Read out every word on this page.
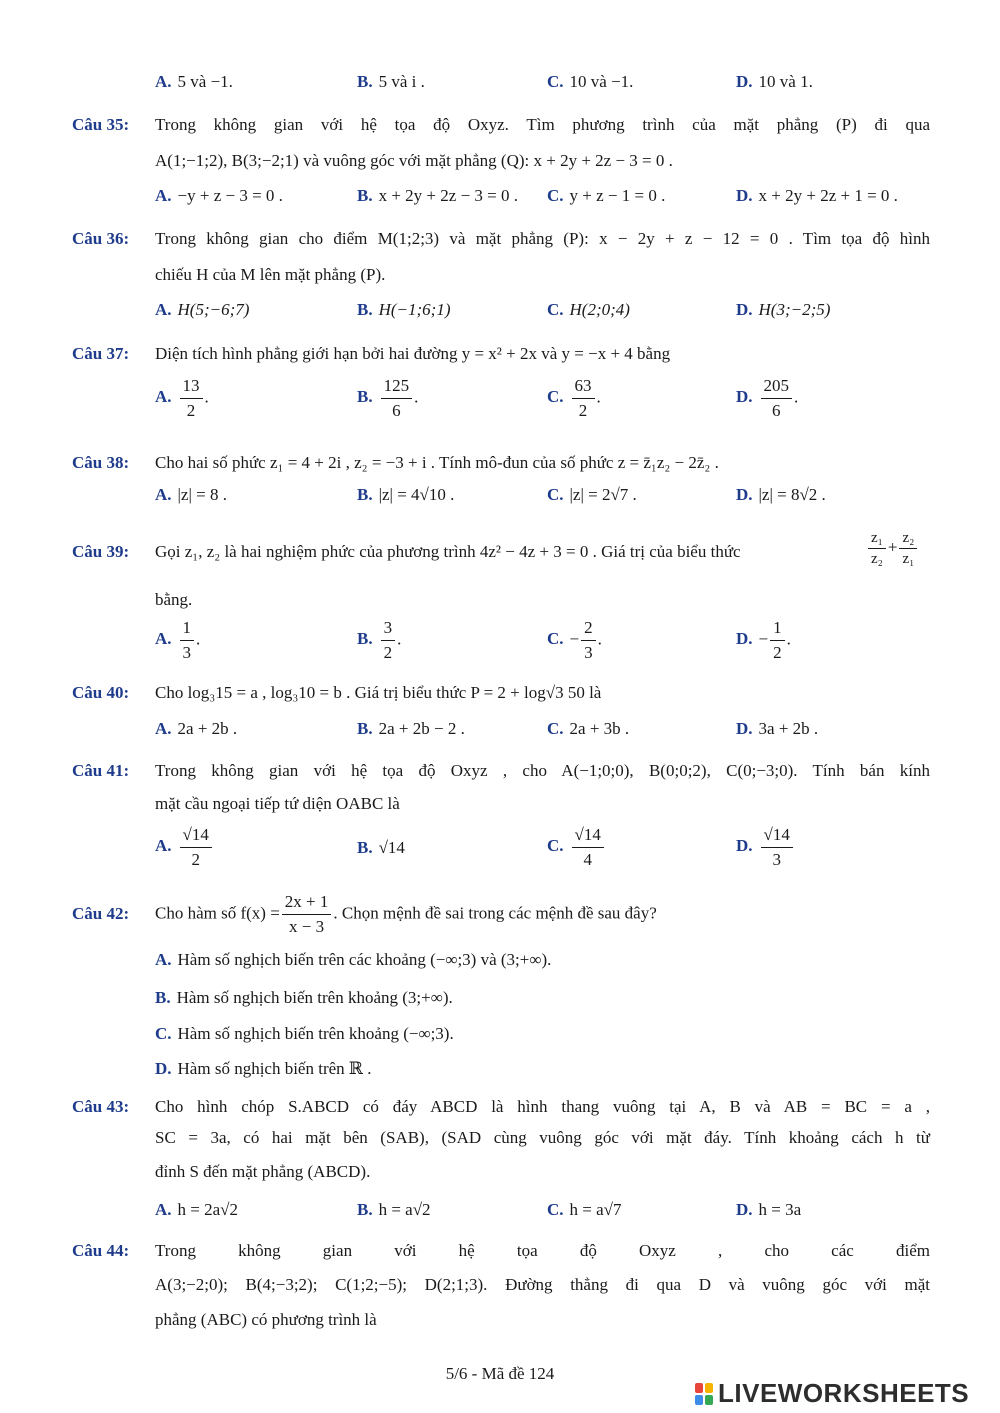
A. 5 và −1.	B. 5 và i .	C. 10 và −1.	D. 10 và 1.
Câu 35: Trong không gian với hệ tọa độ Oxyz. Tìm phương trình của mặt phẳng (P) đi qua
A(1;−1;2), B(3;−2;1) và vuông góc với mặt phẳng (Q): x + 2y + 2z − 3 = 0 .
A. −y + z − 3 = 0 .	B. x + 2y + 2z − 3 = 0 . C. y + z − 1 = 0 .	D. x + 2y + 2z + 1 = 0 .
Câu 36: Trong không gian cho điểm M(1;2;3) và mặt phẳng (P): x − 2y + z − 12 = 0 . Tìm tọa độ hình
chiếu H của M lên mặt phẳng (P).
A. H(5;−6;7)	B. H(−1;6;1)	C. H(2;0;4)	D. H(3;−2;5)
Câu 37: Diện tích hình phẳng giới hạn bởi hai đường y = x² + 2x và y = −x + 4 bằng
A. $\frac{13}{2}$ .	B. $\frac{125}{6}$ .	C. $\frac{63}{2}$ .	D. $\frac{205}{6}$ .
Câu 38: Cho hai số phức z₁ = 4 + 2i , z₂ = −3 + i . Tính mô-đun của số phức z = z̄₁z₂ − 2z̄₂ .
A. |z| = 8 .	B. |z| = 4√10 .	C. |z| = 2√7 .	D. |z| = 8√2 .
Câu 39: Gọi z₁, z₂ là hai nghiệm phức của phương trình 4z² − 4z + 3 = 0 . Giá trị của biểu thức	$\frac{\text{z₁}}{\text{z₂}} + \frac{\text{z₂}}{\text{z₁}}$
bằng.
A. $\frac{1}{3}$ .	B. $\frac{3}{2}$ .	C. − $\frac{2}{3}$ .	D. − $\frac{1}{2}$ .
Câu 40: Cho log₃15 = a , log₃10 = b . Giá trị biểu thức P = 2 + log√3 50 là
A. 2a + 2b .	B. 2a + 2b − 2 .	C. 2a + 3b .	D. 3a + 2b .
Câu 41: Trong không gian với hệ tọa độ Oxyz , cho A(−1;0;0), B(0;0;2), C(0;−3;0). Tính bán kính
mặt cầu ngoại tiếp tứ diện OABC là
A. $\frac{√14}{2}$	B. √14	C. $\frac{√14}{4}$	D. $\frac{√14}{3}$
Câu 42: Cho hàm số $f(x) = \frac{2x + 1}{x - 3}$ . Chọn mệnh đề sai trong các mệnh đề sau đây?
A. Hàm số nghịch biến trên các khoảng (−∞;3) và (3;+∞).
B. Hàm số nghịch biến trên khoảng (3;+∞).
C. Hàm số nghịch biến trên khoảng (−∞;3).
D. Hàm số nghịch biến trên ℝ .
Câu 43: Cho hình chóp S.ABCD có đáy ABCD là hình thang vuông tại A, B và AB = BC = a ,
SC = 3a, có hai mặt bên (SAB), (SAD cùng vuông góc với mặt đáy. Tính khoảng cách h từ
đỉnh S đến mặt phẳng (ABCD).
A. h = 2a√2	B. h = a√2	C. h = a√7	D. h = 3a
Câu 44: Trong không gian với hệ tọa độ Oxyz , cho các điểm
A(3;−2;0); B(4;−3;2); C(1;2;−5); D(2;1;3). Đường thẳng đi qua D và vuông góc với mặt
phẳng (ABC) có phương trình là
5/6 - Mã đề 124
LIVEWORKSHEETS
